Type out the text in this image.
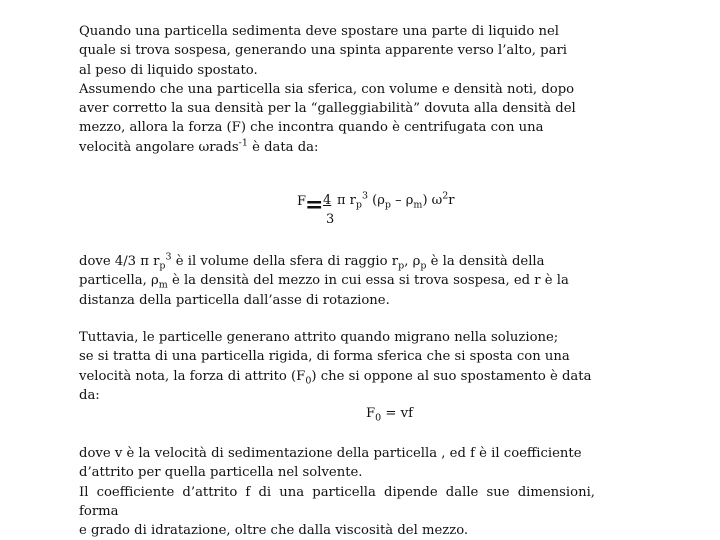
Quando una particella sedimenta deve spostare una parte di liquido nel
quale si trova sospesa, generando una spinta apparente verso l’alto, pari
al peso di liquido spostato.
Assumendo che una particella sia sferica, con volume e densità noti, dopo
aver corretto la sua densità per la “galleggiabilità” dovuta alla densità del
mezzo, allora la forza (F) che incontra quando è centrifugata con una
velocità angolare ωrads$^{-1}$ è data da:
F
= 4 π $r_p^3$ $(\rho_p - \rho_m)$ $\omega^2r$
3
dove 4/3 π $r_p^3$ è il volume della sfera di raggio $r_p$, $\rho_p$ è la densità della
particella, $\rho_m$ è la densità del mezzo in cui essa si trova sospesa, ed r è la
distanza della particella dall’asse di rotazione.
Tuttavia, le particelle generano attrito quando migrano nella soluzione;
se si tratta di una particella rigida, di forma sferica che si sposta con una
velocità nota, la forza di attrito $(F_0)$ che si oppone al suo spostamento è data
da:
$F_0$ = vf
dove v è la velocità di sedimentazione della particella , ed f è il coefficiente
d’attrito per quella particella nel solvente.
Il coefficiente d’attrito f di una particella dipende dalle sue dimensioni, forma
e grado di idratazione, oltre che dalla viscosità del mezzo.
